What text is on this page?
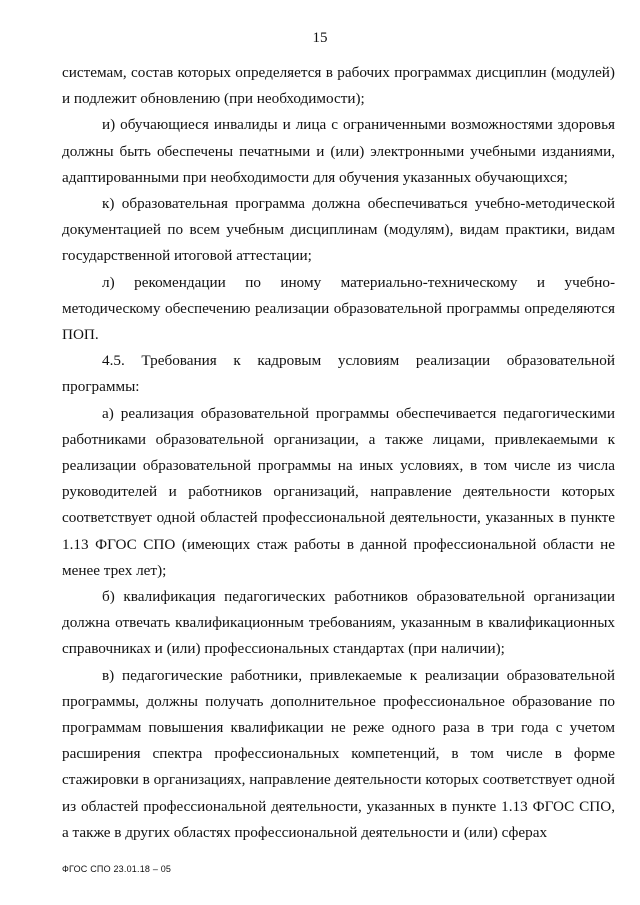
15

системам, состав которых определяется в рабочих программах дисциплин (модулей) и подлежит обновлению (при необходимости);

и) обучающиеся инвалиды и лица с ограниченными возможностями здоровья должны быть обеспечены печатными и (или) электронными учебными изданиями, адаптированными при необходимости для обучения указанных обучающихся;

к) образовательная программа должна обеспечиваться учебно-методической документацией по всем учебным дисциплинам (модулям), видам практики, видам государственной итоговой аттестации;

л) рекомендации по иному материально-техническому и учебно-методическому обеспечению реализации образовательной программы определяются ПОП.

4.5. Требования к кадровым условиям реализации образовательной программы:

а) реализация образовательной программы обеспечивается педагогическими работниками образовательной организации, а также лицами, привлекаемыми к реализации образовательной программы на иных условиях, в том числе из числа руководителей и работников организаций, направление деятельности которых соответствует одной областей профессиональной деятельности, указанных в пункте 1.13 ФГОС СПО (имеющих стаж работы в данной профессиональной области не менее трех лет);

б) квалификация педагогических работников образовательной организации должна отвечать квалификационным требованиям, указанным в квалификационных справочниках и (или) профессиональных стандартах (при наличии);

в) педагогические работники, привлекаемые к реализации образовательной программы, должны получать дополнительное профессиональное образование по программам повышения квалификации не реже одного раза в три года с учетом расширения спектра профессиональных компетенций, в том числе в форме стажировки в организациях, направление деятельности которых соответствует одной из областей профессиональной деятельности, указанных в пункте 1.13 ФГОС СПО, а также в других областях профессиональной деятельности и (или) сферах

ФГОС СПО 23.01.18 – 05
